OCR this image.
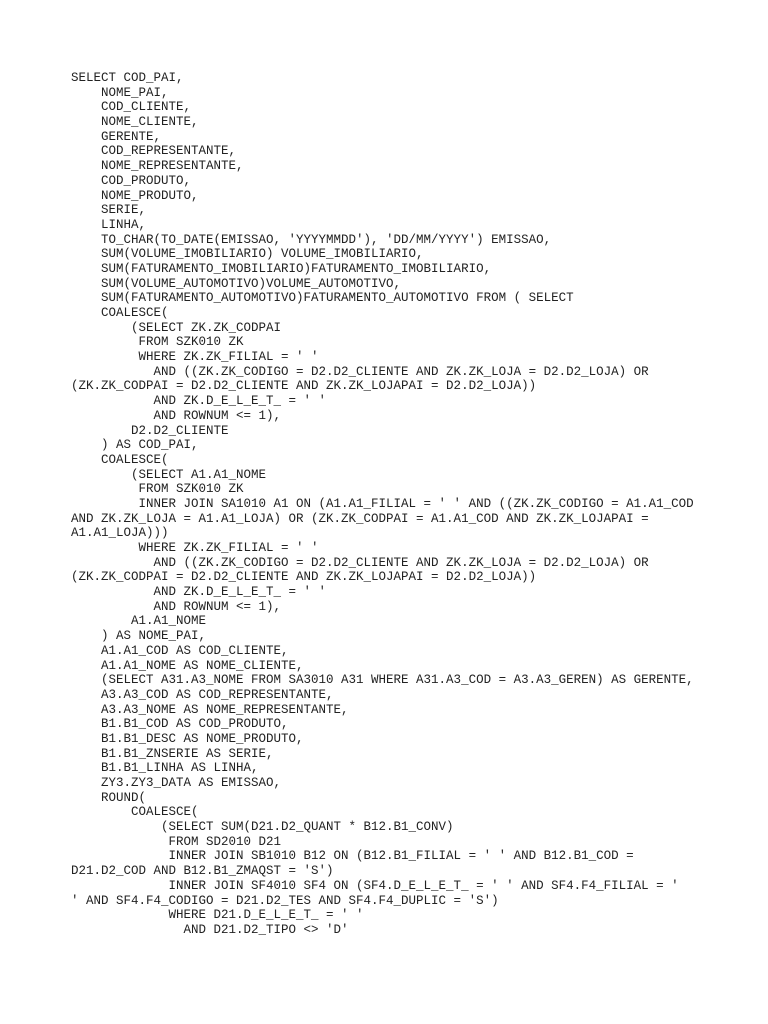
SELECT COD_PAI,
NOME_PAI,
COD_CLIENTE,
NOME_CLIENTE,
GERENTE,
COD_REPRESENTANTE,
NOME_REPRESENTANTE,
COD_PRODUTO,
NOME_PRODUTO,
SERIE,
LINHA,
TO_CHAR(TO_DATE(EMISSAO, 'YYYYMMDD'), 'DD/MM/YYYY') EMISSAO,
SUM(VOLUME_IMOBILIARIO) VOLUME_IMOBILIARIO,
SUM(FATURAMENTO_IMOBILIARIO)FATURAMENTO_IMOBILIARIO,
SUM(VOLUME_AUTOMOTIVO)VOLUME_AUTOMOTIVO,
SUM(FATURAMENTO_AUTOMOTIVO)FATURAMENTO_AUTOMOTIVO FROM ( SELECT
COALESCE(
(SELECT ZK.ZK_CODPAI
FROM SZK010 ZK
WHERE ZK.ZK_FILIAL = ' '
AND ((ZK.ZK_CODIGO = D2.D2_CLIENTE AND ZK.ZK_LOJA = D2.D2_LOJA) OR
(ZK.ZK_CODPAI = D2.D2_CLIENTE AND ZK.ZK_LOJAPAI = D2.D2_LOJA))
AND ZK.D_E_L_E_T_ = ' '
AND ROWNUM <= 1),
D2.D2_CLIENTE
) AS COD_PAI,
COALESCE(
(SELECT A1.A1_NOME
FROM SZK010 ZK
INNER JOIN SA1010 A1 ON (A1.A1_FILIAL = ' ' AND ((ZK.ZK_CODIGO = A1.A1_COD
AND ZK.ZK_LOJA = A1.A1_LOJA) OR (ZK.ZK_CODPAI = A1.A1_COD AND ZK.ZK_LOJAPAI =
A1.A1_LOJA)))
WHERE ZK.ZK_FILIAL = ' '
AND ((ZK.ZK_CODIGO = D2.D2_CLIENTE AND ZK.ZK_LOJA = D2.D2_LOJA) OR
(ZK.ZK_CODPAI = D2.D2_CLIENTE AND ZK.ZK_LOJAPAI = D2.D2_LOJA))
AND ZK.D_E_L_E_T_ = ' '
AND ROWNUM <= 1),
A1.A1_NOME
) AS NOME_PAI,
A1.A1_COD AS COD_CLIENTE,
A1.A1_NOME AS NOME_CLIENTE,
(SELECT A31.A3_NOME FROM SA3010 A31 WHERE A31.A3_COD = A3.A3_GEREN) AS GERENTE,
A3.A3_COD AS COD_REPRESENTANTE,
A3.A3_NOME AS NOME_REPRESENTANTE,
B1.B1_COD AS COD_PRODUTO,
B1.B1_DESC AS NOME_PRODUTO,
B1.B1_ZNSERIE AS SERIE,
B1.B1_LINHA AS LINHA,
ZY3.ZY3_DATA AS EMISSAO,
ROUND(
COALESCE(
(SELECT SUM(D21.D2_QUANT * B12.B1_CONV)
FROM SD2010 D21
INNER JOIN SB1010 B12 ON (B12.B1_FILIAL = ' ' AND B12.B1_COD =
D21.D2_COD AND B12.B1_ZMAQST = 'S')
INNER JOIN SF4010 SF4 ON (SF4.D_E_L_E_T_ = ' ' AND SF4.F4_FILIAL = '
' AND SF4.F4_CODIGO = D21.D2_TES AND SF4.F4_DUPLIC = 'S')
WHERE D21.D_E_L_E_T_ = ' '
AND D21.D2_TIPO <> 'D'
